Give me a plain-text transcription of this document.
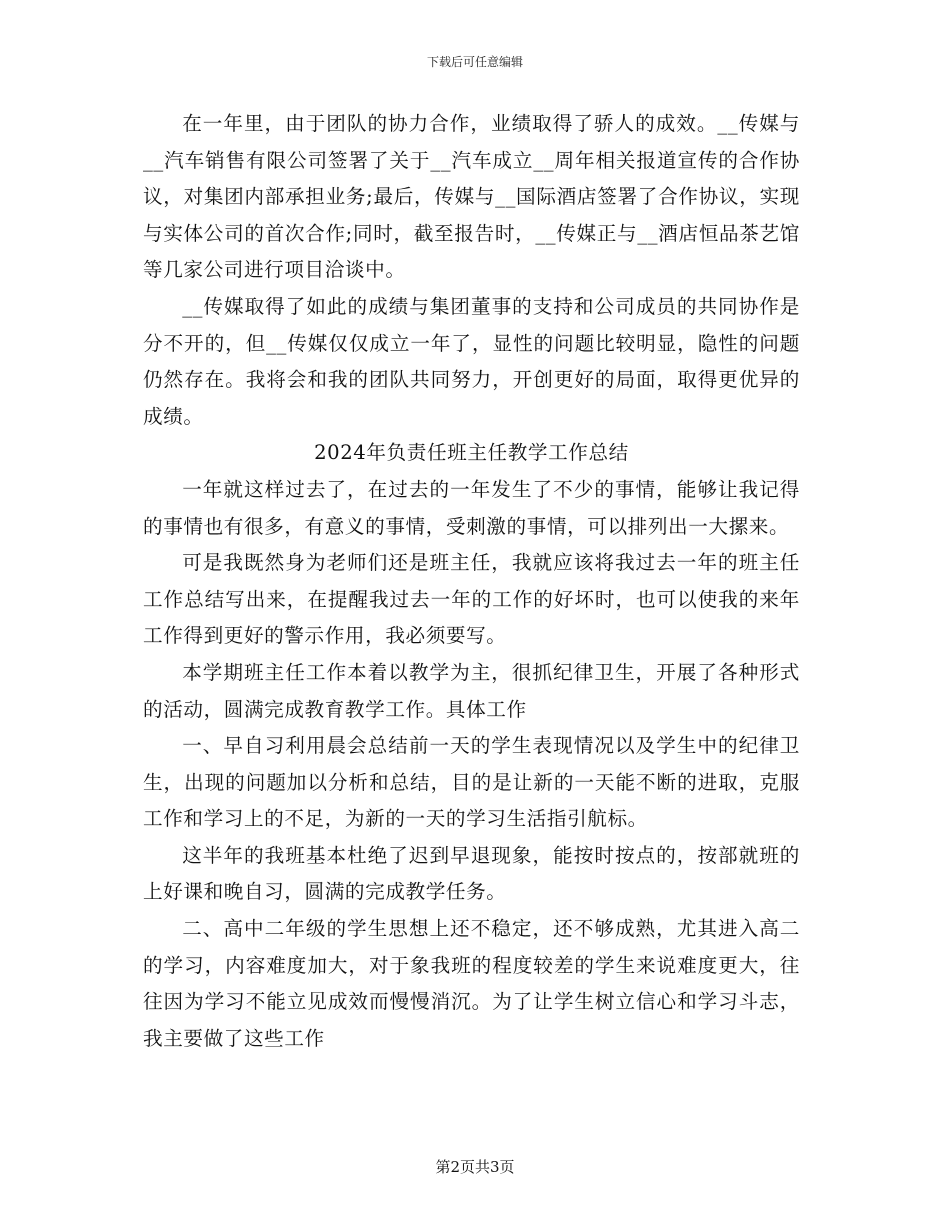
下载后可任意编辑

在一年里，由于团队的协力合作，业绩取得了骄人的成效。__传媒与__汽车销售有限公司签署了关于__汽车成立__周年相关报道宣传的合作协议，对集团内部承担业务;最后，传媒与__国际酒店签署了合作协议，实现与实体公司的首次合作;同时，截至报告时，__传媒正与__酒店恒品茶艺馆等几家公司进行项目洽谈中。

__传媒取得了如此的成绩与集团董事的支持和公司成员的共同协作是分不开的，但__传媒仅仅成立一年了，显性的问题比较明显，隐性的问题仍然存在。我将会和我的团队共同努力，开创更好的局面，取得更优异的成绩。

2024年负责任班主任教学工作总结

一年就这样过去了，在过去的一年发生了不少的事情，能够让我记得的事情也有很多，有意义的事情，受刺激的事情，可以排列出一大摞来。

可是我既然身为老师们还是班主任，我就应该将我过去一年的班主任工作总结写出来，在提醒我过去一年的工作的好坏时，也可以使我的来年工作得到更好的警示作用，我必须要写。

本学期班主任工作本着以教学为主，很抓纪律卫生，开展了各种形式的活动，圆满完成教育教学工作。具体工作

一、早自习利用晨会总结前一天的学生表现情况以及学生中的纪律卫生，出现的问题加以分析和总结，目的是让新的一天能不断的进取，克服工作和学习上的不足，为新的一天的学习生活指引航标。

这半年的我班基本杜绝了迟到早退现象，能按时按点的，按部就班的上好课和晚自习，圆满的完成教学任务。

二、高中二年级的学生思想上还不稳定，还不够成熟，尤其进入高二的学习，内容难度加大，对于象我班的程度较差的学生来说难度更大，往往因为学习不能立见成效而慢慢消沉。为了让学生树立信心和学习斗志，我主要做了这些工作

第2页共3页
